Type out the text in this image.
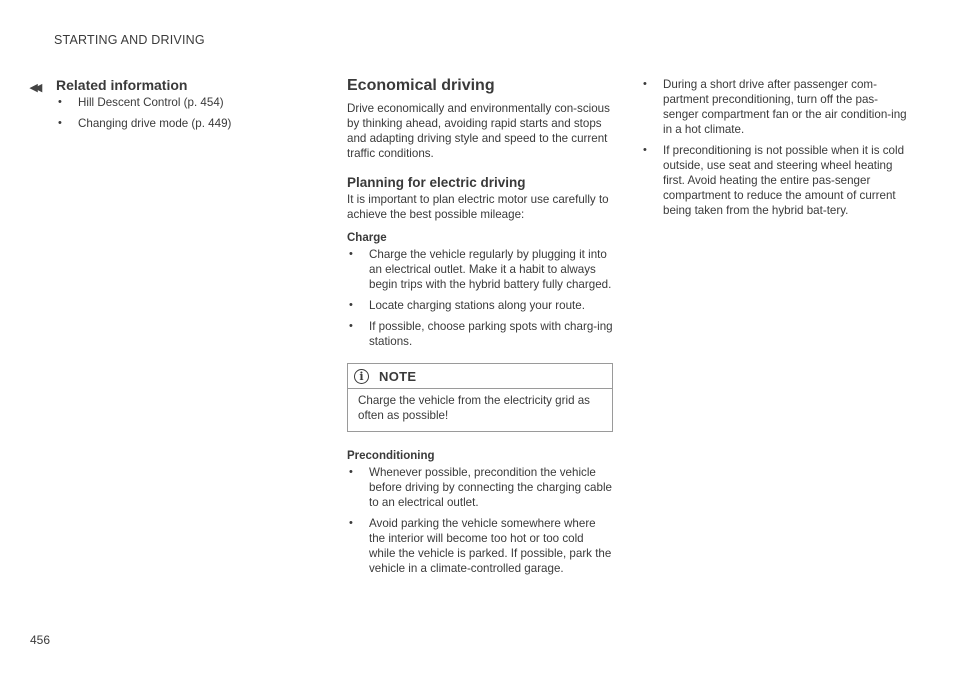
STARTING AND DRIVING
◂◂ Related information
• Hill Descent Control (p. 454)
• Changing drive mode (p. 449)
Economical driving

Drive economically and environmentally con-scious by thinking ahead, avoiding rapid starts and stops and adapting driving style and speed to the current traffic conditions.

Planning for electric driving

It is important to plan electric motor use carefully to achieve the best possible mileage:

Charge
• Charge the vehicle regularly by plugging it into an electrical outlet. Make it a habit to always begin trips with the hybrid battery fully charged.
• Locate charging stations along your route.
• If possible, choose parking spots with charg-ing stations.
i	NOTE

Charge the vehicle from the electricity grid as often as possible!

Preconditioning
• Whenever possible, precondition the vehicle before driving by connecting the charging cable to an electrical outlet.
• Avoid parking the vehicle somewhere where the interior will become too hot or too cold while the vehicle is parked. If possible, park the vehicle in a climate-controlled garage.
• During a short drive after passenger com-partment preconditioning, turn off the pas-senger compartment fan or the air condition-ing in a hot climate.
• If preconditioning is not possible when it is cold outside, use seat and steering wheel heating first. Avoid heating the entire pas-senger compartment to reduce the amount of current being taken from the hybrid bat-tery.
456
